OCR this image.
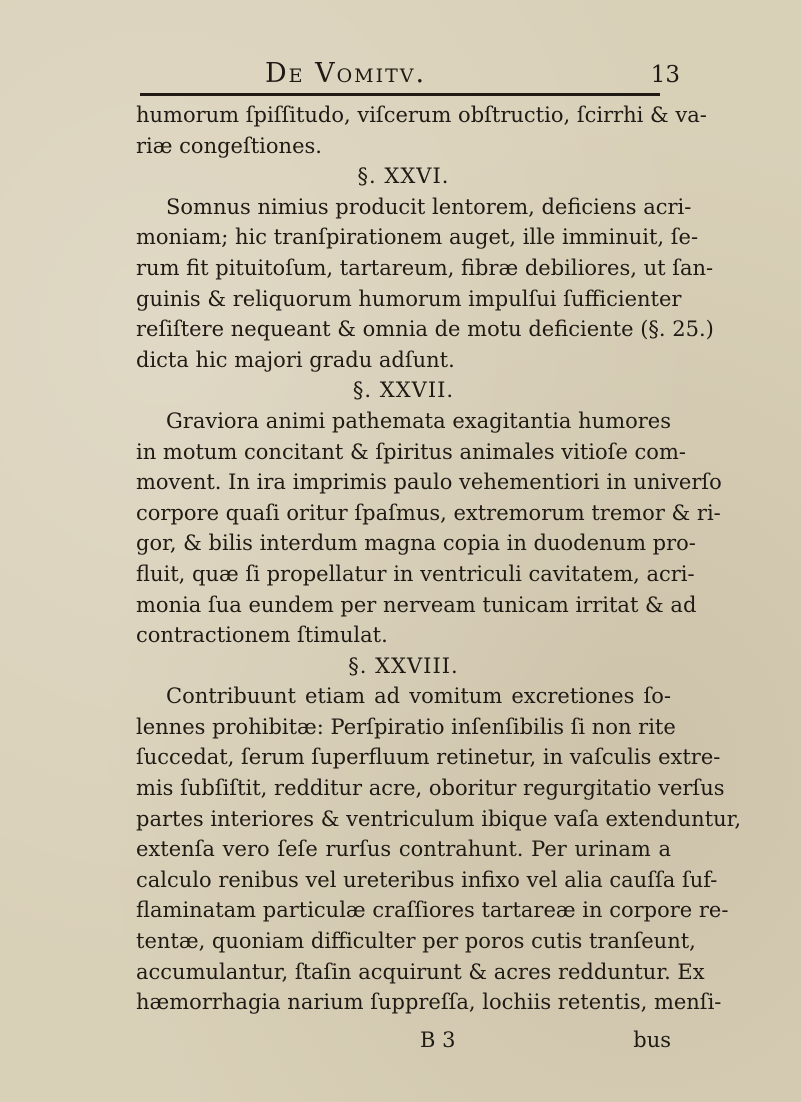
De Vomitv.	13
humorum ſpiſſitudo, viſcerum obſtructio, ſcirrhi & va-
riæ congeſtiones.
§. XXVI.
Somnus nimius producit lentorem, deficiens acri-
moniam; hic tranſpirationem auget, ille imminuit, ſe-
rum fit pituitoſum, tartareum, fibræ debiliores, ut ſan-
guinis & reliquorum humorum impulſui ſufficienter
reſiſtere nequeant & omnia de motu deficiente (§. 25.)
dicta hic majori gradu adſunt.
§. XXVII.
Graviora animi pathemata exagitantia humores
in motum concitant & ſpiritus animales vitioſe com-
movent. In ira imprimis paulo vehementiori in univerſo
corpore quaſi oritur ſpaſmus, extremorum tremor & ri-
gor, & bilis interdum magna copia in duodenum pro-
fluit, quæ ſi propellatur in ventriculi cavitatem, acri-
monia ſua eundem per nerveam tunicam irritat & ad
contractionem ſtimulat.
§. XXVIII.
Contribuunt etiam ad vomitum excretiones ſo-
lennes prohibitæ: Perſpiratio inſenſibilis ſi non rite
ſuccedat, ſerum ſuperfluum retinetur, in vaſculis extre-
mis ſubſiſtit, redditur acre, oboritur regurgitatio verſus
partes interiores & ventriculum ibique vaſa extenduntur,
extenſa vero ſeſe rurſus contrahunt. Per urinam a
calculo renibus vel ureteribus infixo vel alia cauſſa ſuf-
flaminatam particulæ craſſiores tartareæ in corpore re-
tentæ, quoniam difficulter per poros cutis tranſeunt,
accumulantur, ſtaſin acquirunt & acres redduntur. Ex
hæmorrhagia narium ſuppreſſa, lochiis retentis, menſi-
B 3	bus
